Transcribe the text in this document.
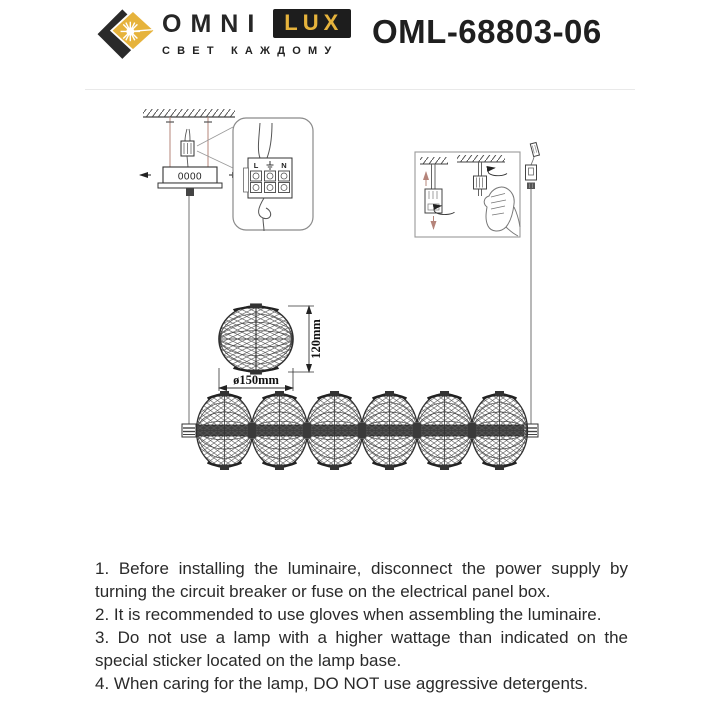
OMNI LUX
СВЕТ КАЖДОМУ
OML-68803-06
0000
L	N
ø150mm
120mm

1. Before installing the luminaire, disconnect the power supply by turning the circuit breaker or fuse on the electrical panel box.

2. It is recommended to use gloves when assembling the luminaire.

3. Do not use a lamp with a higher wattage than indicated on the special sticker located on the lamp base.

4. When caring for the lamp, DO NOT use aggressive detergents.
